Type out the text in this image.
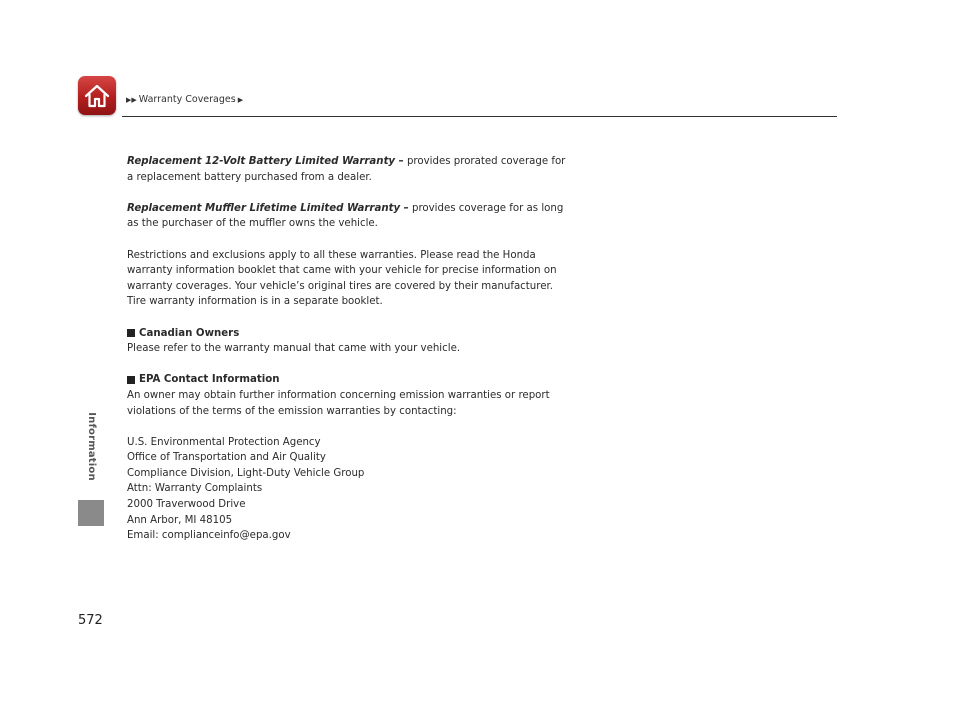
▶▶ Warranty Coverages ▶
Information
572

Replacement 12-Volt Battery Limited Warranty – provides prorated coverage for a replacement battery purchased from a dealer.

Replacement Muffler Lifetime Limited Warranty – provides coverage for as long as the purchaser of the muffler owns the vehicle.

Restrictions and exclusions apply to all these warranties. Please read the Honda warranty information booklet that came with your vehicle for precise information on warranty coverages. Your vehicle’s original tires are covered by their manufacturer. Tire warranty information is in a separate booklet.

Canadian Owners

Please refer to the warranty manual that came with your vehicle.

EPA Contact Information

An owner may obtain further information concerning emission warranties or report violations of the terms of the emission warranties by contacting:

U.S. Environmental Protection Agency
Office of Transportation and Air Quality
Compliance Division, Light-Duty Vehicle Group
Attn: Warranty Complaints
2000 Traverwood Drive
Ann Arbor, MI 48105
Email: complianceinfo@epa.gov
